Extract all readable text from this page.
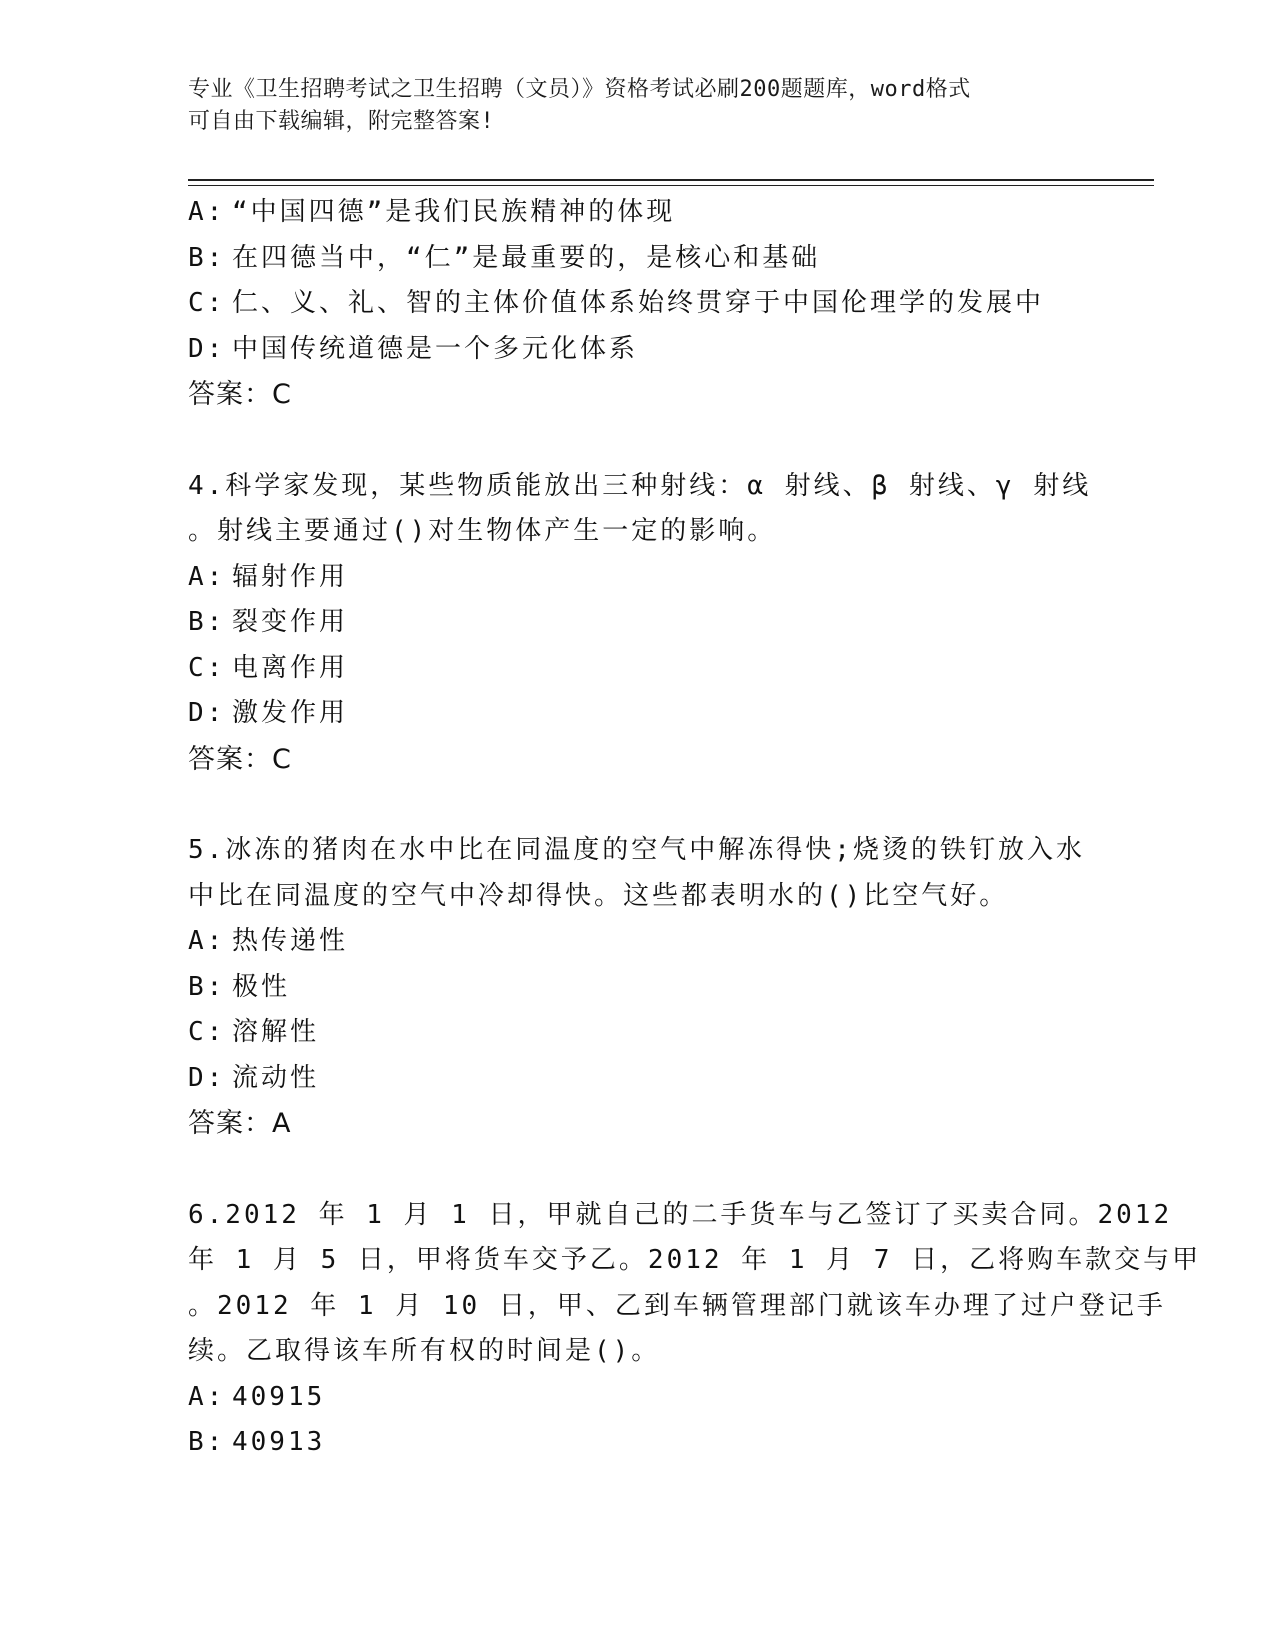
专业《卫生招聘考试之卫生招聘（文员）》资格考试必刷200题题库，word格式
可自由下载编辑，附完整答案!
A: “中国四德”是我们民族精神的体现
B: 在四德当中，“仁”是最重要的，是核心和基础
C: 仁、义、礼、智的主体价值体系始终贯穿于中国伦理学的发展中
D: 中国传统道德是一个多元化体系
答案：C
4.科学家发现，某些物质能放出三种射线：α 射线、β 射线、γ 射线
。射线主要通过()对生物体产生一定的影响。
A: 辐射作用
B: 裂变作用
C: 电离作用
D: 激发作用
答案：C
5.冰冻的猪肉在水中比在同温度的空气中解冻得快;烧烫的铁钉放入水
中比在同温度的空气中冷却得快。这些都表明水的()比空气好。
A: 热传递性
B: 极性
C: 溶解性
D: 流动性
答案：A
6.2012 年 1 月 1 日，甲就自己的二手货车与乙签订了买卖合同。2012
年 1 月 5 日，甲将货车交予乙。2012 年 1 月 7 日，乙将购车款交与甲
。2012 年 1 月 10 日，甲、乙到车辆管理部门就该车办理了过户登记手
续。乙取得该车所有权的时间是()。
A: 40915
B: 40913
